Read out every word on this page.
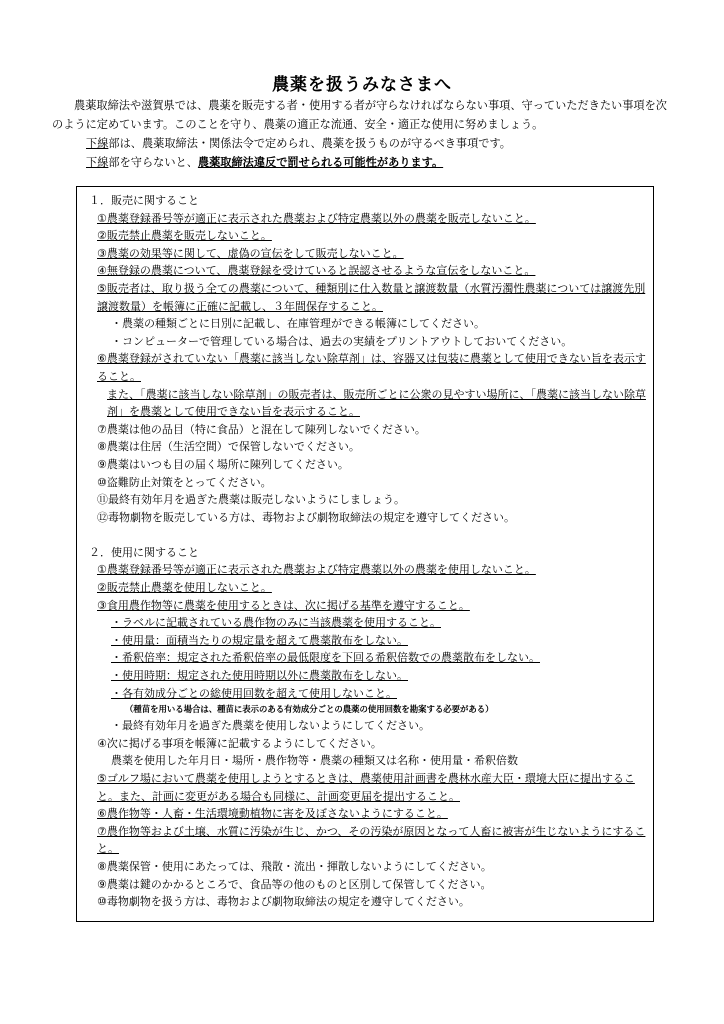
農薬を扱うみなさまへ

農薬取締法や滋賀県では、農薬を販売する者・使用する者が守らなければならない事項、守っていただきたい事項を次のように定めています。このことを守り、農薬の適正な流通、安全・適正な使用に努めましょう。

下線部は、農薬取締法・関係法令で定められ、農薬を扱うものが守るべき事項です。

下線部を守らないと、農薬取締法違反で罰せられる可能性があります。

１．販売に関すること

①農薬登録番号等が適正に表示された農薬および特定農薬以外の農薬を販売しないこと。

②販売禁止農薬を販売しないこと。

③農薬の効果等に関して、虚偽の宣伝をして販売しないこと。

④無登録の農薬について、農薬登録を受けていると誤認させるような宣伝をしないこと。

⑤販売者は、取り扱う全ての農薬について、種類別に仕入数量と譲渡数量（水質汚濁性農薬については譲渡先別譲渡数量）を帳簿に正確に記載し、３年間保存すること。

・農薬の種類ごとに日別に記載し、在庫管理ができる帳簿にしてください。

・コンピューターで管理している場合は、過去の実績をプリントアウトしておいてください。

⑥農薬登録がされていない「農薬に該当しない除草剤」は、容器又は包装に農薬として使用できない旨を表示すること。

また、「農薬に該当しない除草剤」の販売者は、販売所ごとに公衆の見やすい場所に、「農薬に該当しない除草剤」を農薬として使用できない旨を表示すること。

⑦農薬は他の品目（特に食品）と混在して陳列しないでください。

⑧農薬は住居（生活空間）で保管しないでください。

⑨農薬はいつも目の届く場所に陳列してください。

⑩盗難防止対策をとってください。

⑪最終有効年月を過ぎた農薬は販売しないようにしましょう。

⑫毒物劇物を販売している方は、毒物および劇物取締法の規定を遵守してください。

２．使用に関すること

①農薬登録番号等が適正に表示された農薬および特定農薬以外の農薬を使用しないこと。

②販売禁止農薬を使用しないこと。

③食用農作物等に農薬を使用するときは、次に掲げる基準を遵守すること。

・ラベルに記載されている農作物のみに当該農薬を使用すること。

・使用量：面積当たりの規定量を超えて農薬散布をしない。

・希釈倍率：規定された希釈倍率の最低限度を下回る希釈倍数での農薬散布をしない。

・使用時期：規定された使用時期以外に農薬散布をしない。

・各有効成分ごとの総使用回数を超えて使用しないこと。

（種苗を用いる場合は、種苗に表示のある有効成分ごとの農薬の使用回数を勘案する必要がある）

・最終有効年月を過ぎた農薬を使用しないようにしてください。

④次に掲げる事項を帳簿に記載するようにしてください。

農薬を使用した年月日・場所・農作物等・農薬の種類又は名称・使用量・希釈倍数

⑤ゴルフ場において農薬を使用しようとするときは、農薬使用計画書を農林水産大臣・環境大臣に提出すること。また、計画に変更がある場合も同様に、計画変更届を提出すること。

⑥農作物等・人畜・生活環境動植物に害を及ぼさないようにすること。

⑦農作物等および土壌、水質に汚染が生じ、かつ、その汚染が原因となって人畜に被害が生じないようにすること。

⑧農薬保管・使用にあたっては、飛散・流出・揮散しないようにしてください。

⑨農薬は鍵のかかるところで、食品等の他のものと区別して保管してください。

⑩毒物劇物を扱う方は、毒物および劇物取締法の規定を遵守してください。
